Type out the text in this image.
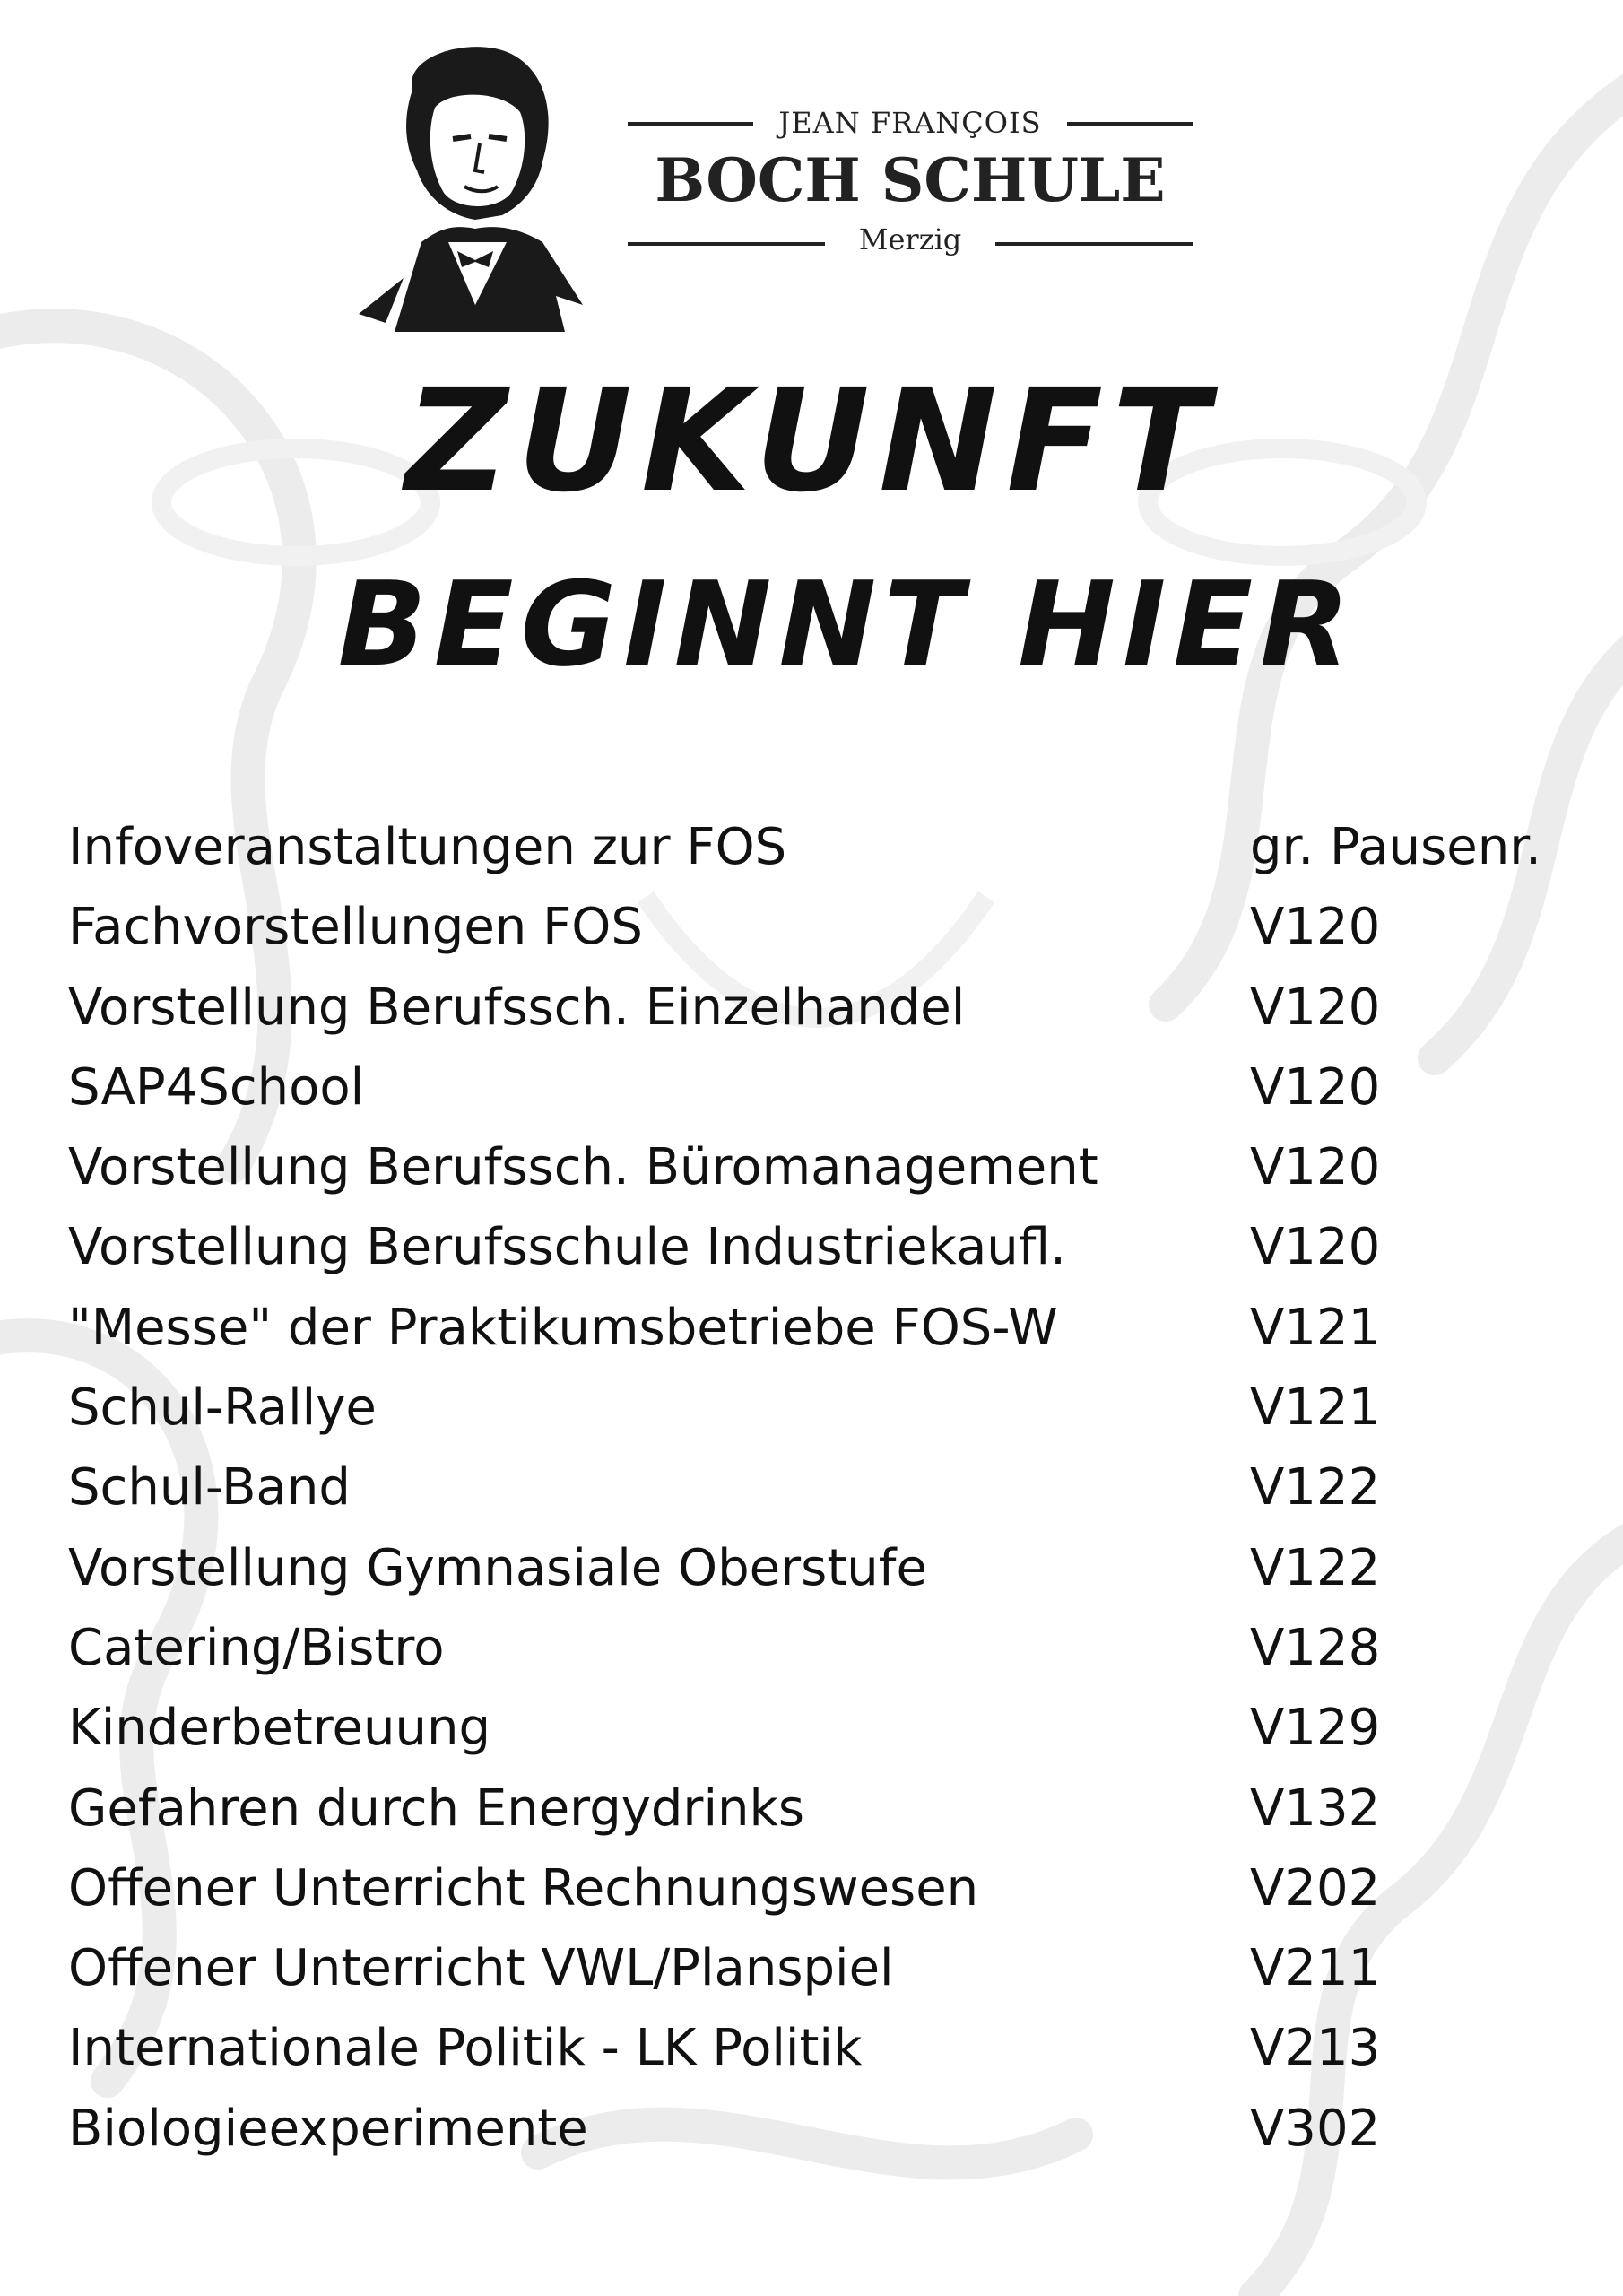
JEAN FRANÇOIS
BOCH SCHULE
Merzig
ZUKUNFT
BEGINNT HIER
Infoveranstaltungen zur FOS	gr. Pausenr.
Fachvorstellungen FOS	V120
Vorstellung Berufssch. Einzelhandel	V120
SAP4School	V120
Vorstellung Berufssch. Büromanagement	V120
Vorstellung Berufsschule Industriekaufl.	V120
"Messe" der Praktikumsbetriebe FOS-W	V121
Schul-Rallye	V121
Schul-Band	V122
Vorstellung Gymnasiale Oberstufe	V122
Catering/Bistro	V128
Kinderbetreuung	V129
Gefahren durch Energydrinks	V132
Offener Unterricht Rechnungswesen	V202
Offener Unterricht VWL/Planspiel	V211
Internationale Politik - LK Politik	V213
Biologieexperimente	V302
